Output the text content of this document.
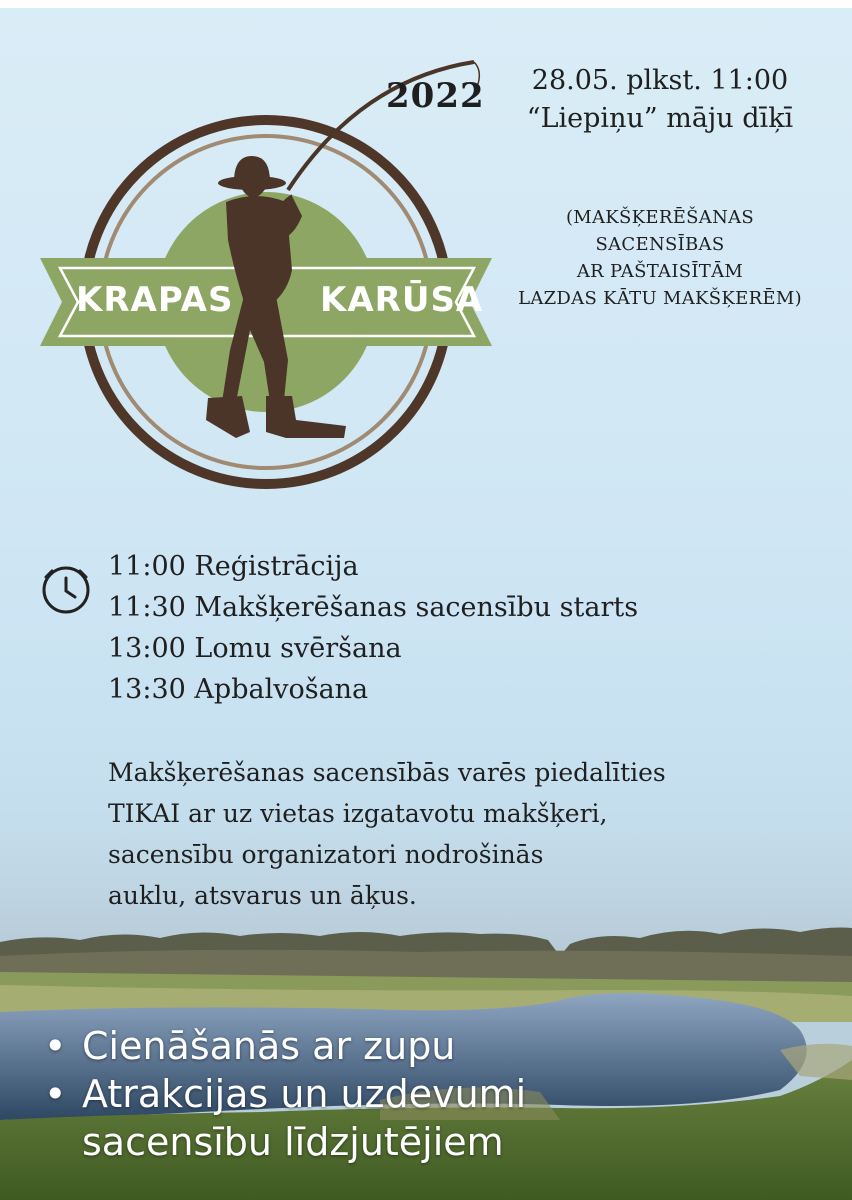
2022
KRAPAS	KARŪSA
28.05. plkst. 11:00
“Liepiņu” māju dīķī
(MAKŠĶERĒŠANAS SACENSĪBAS
AR PAŠTAISĪTĀM
LAZDAS KĀTU MAKŠĶERĒM)
11:00 Reģistrācija
11:30 Makšķerēšanas sacensību starts
13:00 Lomu svēršana
13:30 Apbalvošana
Makšķerēšanas sacensībās varēs piedalīties
TIKAI ar uz vietas izgatavotu makšķeri,
sacensību organizatori nodrošinās
auklu, atsvarus un āķus.
• Cienāšanās ar zupu
• Atrakcijas un uzdevumi
sacensību līdzjutējiem
